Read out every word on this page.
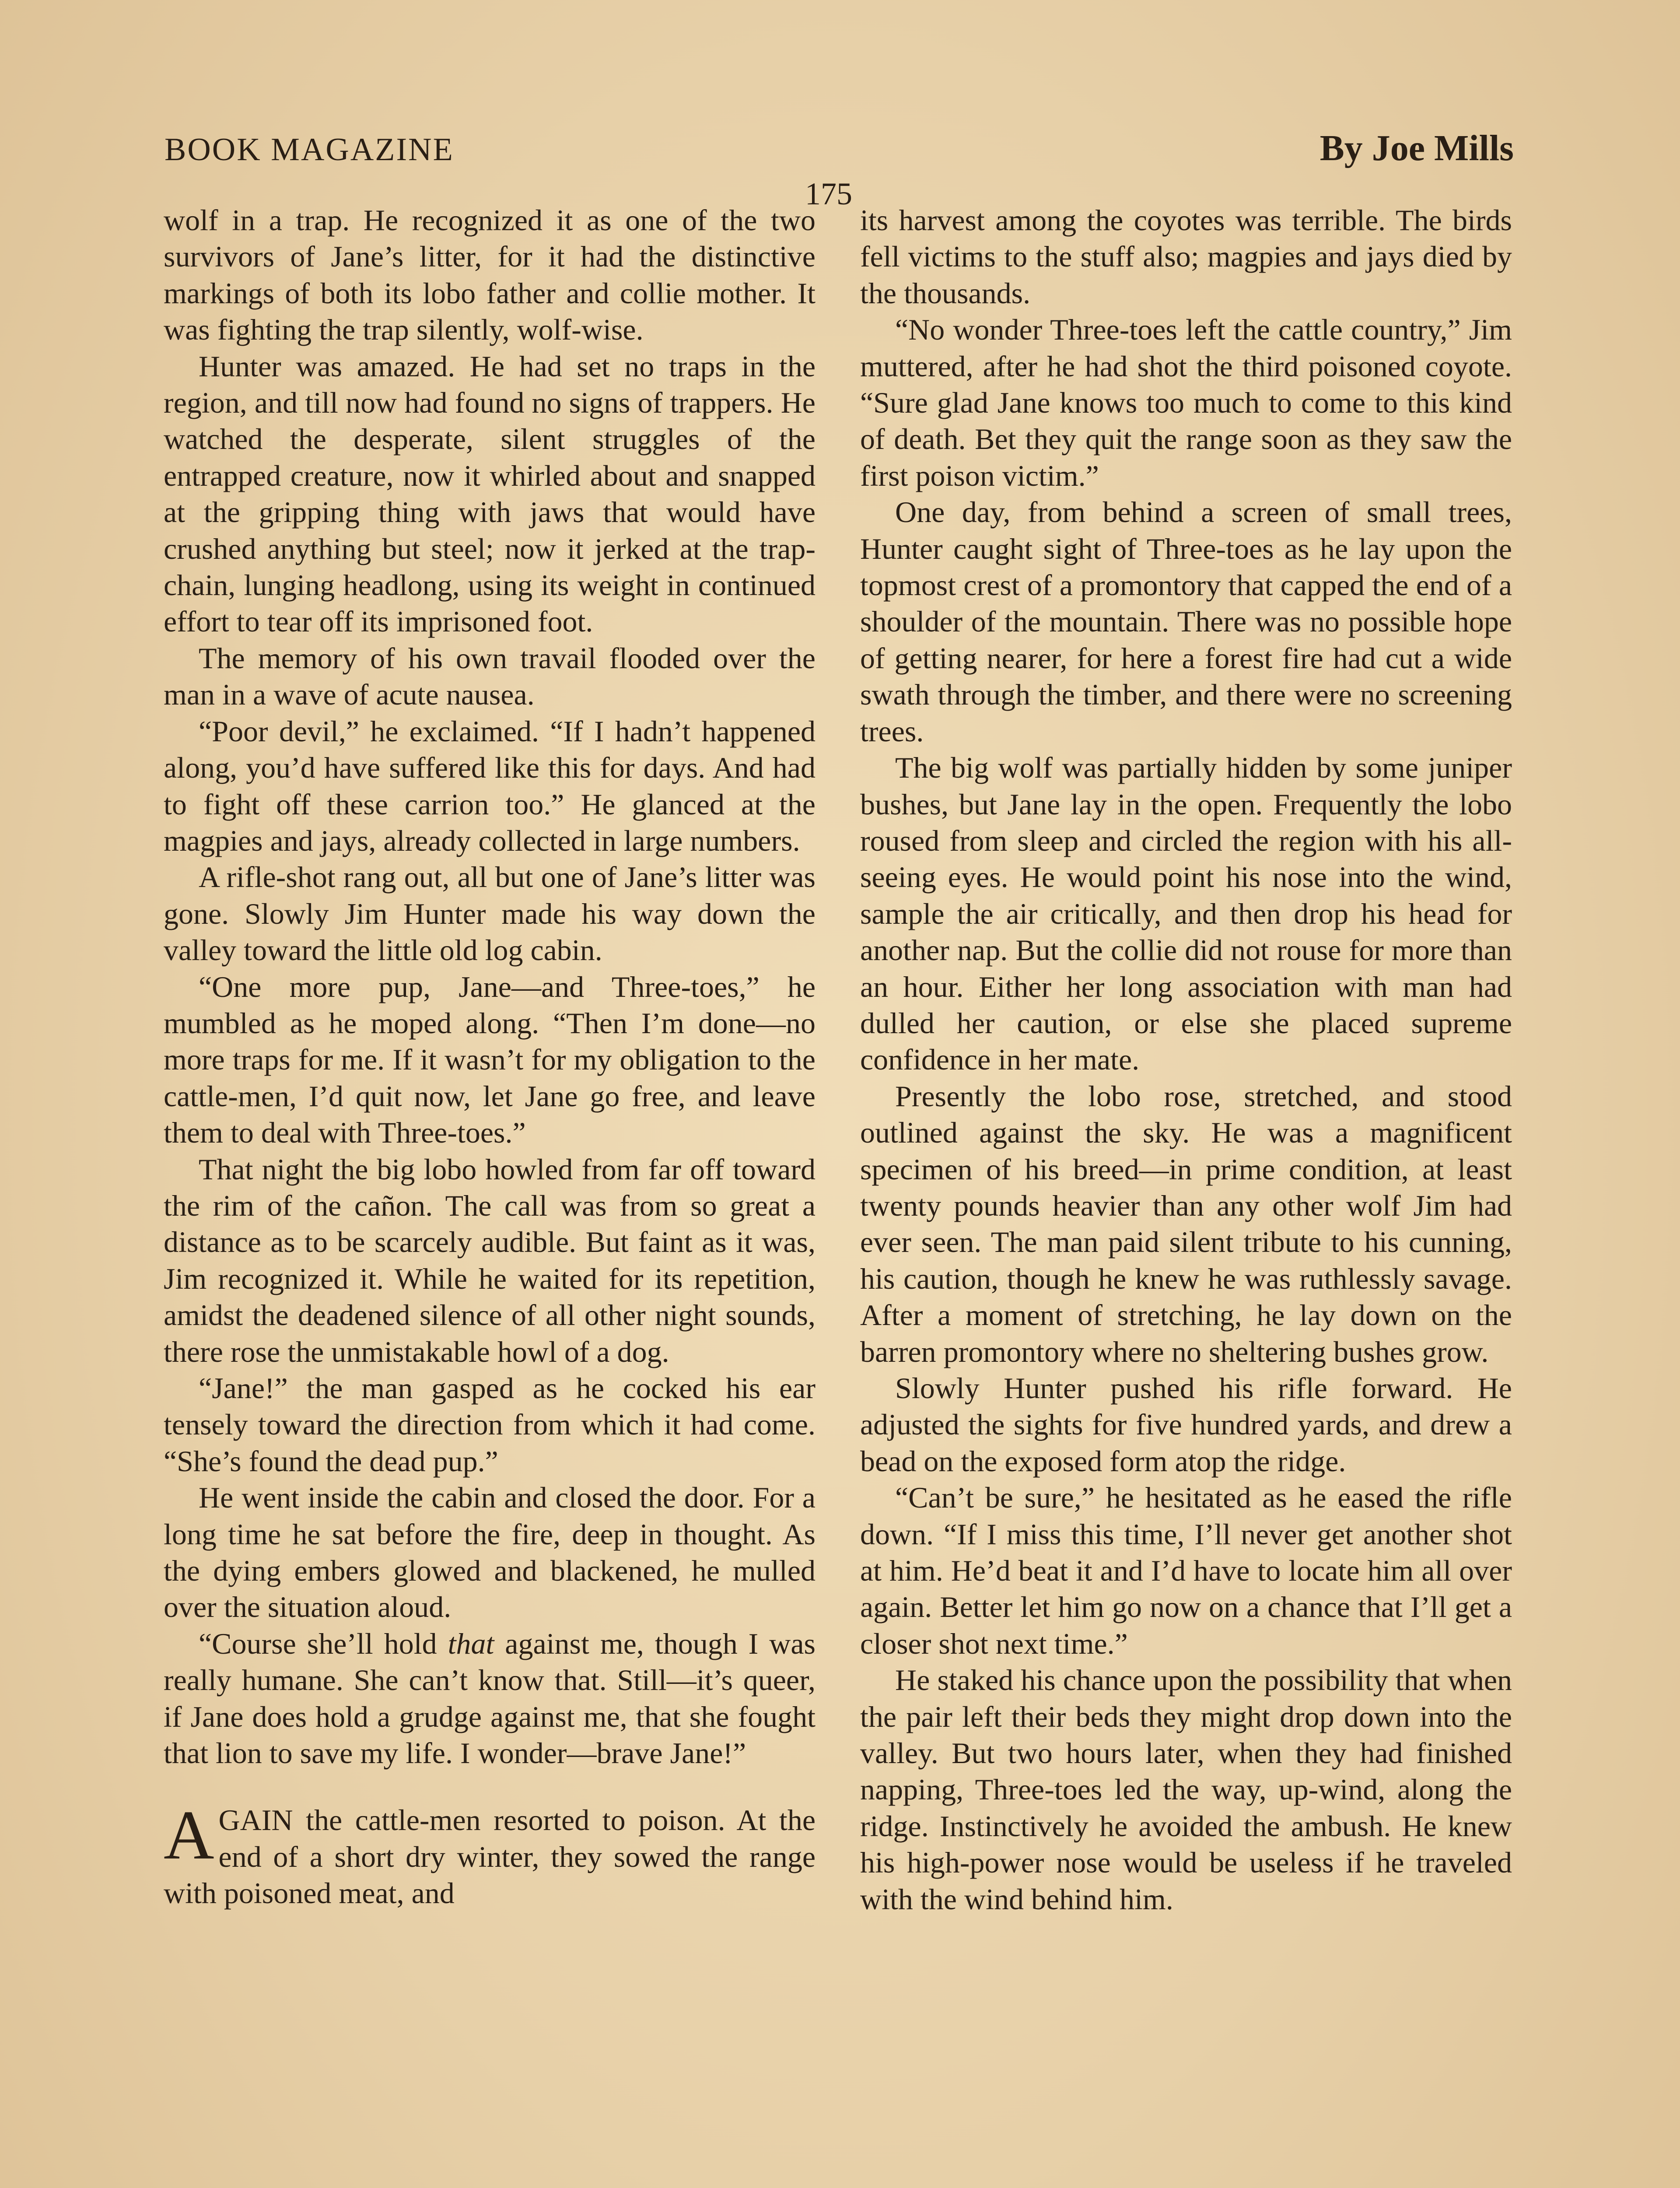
BOOK MAGAZINE	By Joe Mills
175

wolf in a trap. He recognized it as one of the two survivors of Jane’s litter, for it had the distinctive markings of both its lobo father and collie mother. It was fighting the trap silently, wolf-wise.

Hunter was amazed. He had set no traps in the region, and till now had found no signs of trappers. He watched the desperate, silent struggles of the entrapped creature, now it whirled about and snapped at the gripping thing with jaws that would have crushed anything but steel; now it jerked at the trap-chain, lunging headlong, using its weight in continued effort to tear off its imprisoned foot.

The memory of his own travail flooded over the man in a wave of acute nausea.

“Poor devil,” he exclaimed. “If I hadn’t happened along, you’d have suffered like this for days. And had to fight off these carrion too.” He glanced at the magpies and jays, already collected in large numbers.

A rifle-shot rang out, all but one of Jane’s litter was gone. Slowly Jim Hunter made his way down the valley toward the little old log cabin.

“One more pup, Jane—and Three-toes,” he mumbled as he moped along. “Then I’m done—no more traps for me. If it wasn’t for my obligation to the cattle-men, I’d quit now, let Jane go free, and leave them to deal with Three-toes.”

That night the big lobo howled from far off toward the rim of the cañon. The call was from so great a distance as to be scarcely audible. But faint as it was, Jim recognized it. While he waited for its repetition, amidst the deadened silence of all other night sounds, there rose the unmistakable howl of a dog.

“Jane!” the man gasped as he cocked his ear tensely toward the direction from which it had come. “She’s found the dead pup.”

He went inside the cabin and closed the door. For a long time he sat before the fire, deep in thought. As the dying embers glowed and blackened, he mulled over the situation aloud.

“Course she’ll hold that against me, though I was really humane. She can’t know that. Still—it’s queer, if Jane does hold a grudge against me, that she fought that lion to save my life. I wonder—brave Jane!”

AGAIN the cattle-men resorted to poison. At the end of a short dry winter, they sowed the range with poisoned meat, and

its harvest among the coyotes was terrible. The birds fell victims to the stuff also; magpies and jays died by the thousands.

“No wonder Three-toes left the cattle country,” Jim muttered, after he had shot the third poisoned coyote. “Sure glad Jane knows too much to come to this kind of death. Bet they quit the range soon as they saw the first poison victim.”

One day, from behind a screen of small trees, Hunter caught sight of Three-toes as he lay upon the topmost crest of a promontory that capped the end of a shoulder of the mountain. There was no possible hope of getting nearer, for here a forest fire had cut a wide swath through the timber, and there were no screening trees.

The big wolf was partially hidden by some juniper bushes, but Jane lay in the open. Frequently the lobo roused from sleep and circled the region with his all-seeing eyes. He would point his nose into the wind, sample the air critically, and then drop his head for another nap. But the collie did not rouse for more than an hour. Either her long association with man had dulled her caution, or else she placed supreme confidence in her mate.

Presently the lobo rose, stretched, and stood outlined against the sky. He was a magnificent specimen of his breed—in prime condition, at least twenty pounds heavier than any other wolf Jim had ever seen. The man paid silent tribute to his cunning, his caution, though he knew he was ruthlessly savage. After a moment of stretching, he lay down on the barren promontory where no sheltering bushes grow.

Slowly Hunter pushed his rifle forward. He adjusted the sights for five hundred yards, and drew a bead on the exposed form atop the ridge.

“Can’t be sure,” he hesitated as he eased the rifle down. “If I miss this time, I’ll never get another shot at him. He’d beat it and I’d have to locate him all over again. Better let him go now on a chance that I’ll get a closer shot next time.”

He staked his chance upon the possibility that when the pair left their beds they might drop down into the valley. But two hours later, when they had finished napping, Three-toes led the way, up-wind, along the ridge. Instinctively he avoided the ambush. He knew his high-power nose would be useless if he traveled with the wind behind him.
